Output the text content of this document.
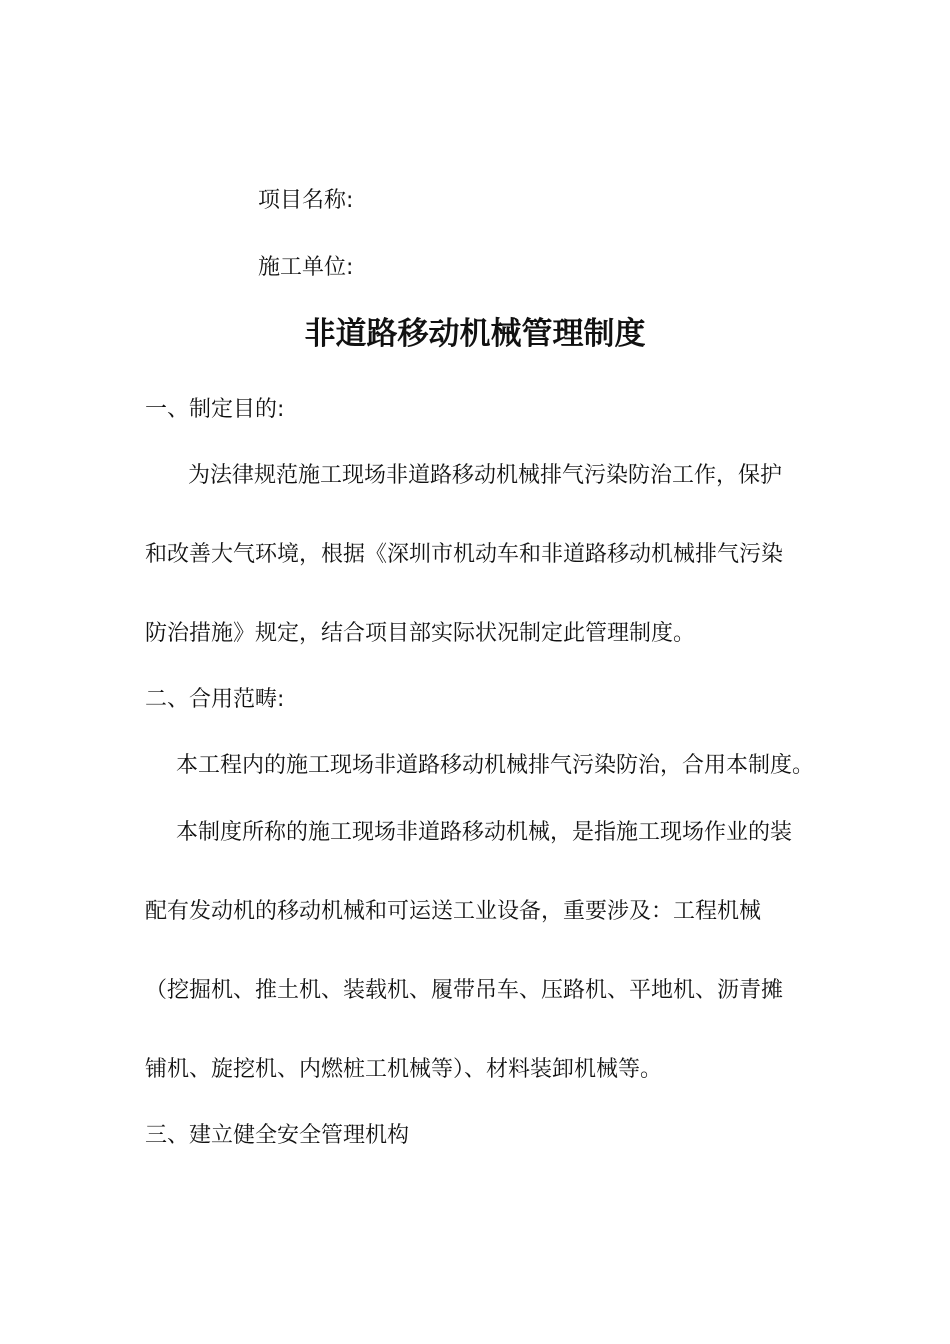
项目名称:
施工单位:
非道路移动机械管理制度
一、制定目的:
为法律规范施工现场非道路移动机械排气污染防治工作，保护
和改善大气环境，根据《深圳市机动车和非道路移动机械排气污染
防治措施》规定，结合项目部实际状况制定此管理制度。
二、合用范畴:
本工程内的施工现场非道路移动机械排气污染防治，合用本制度。
本制度所称的施工现场非道路移动机械，是指施工现场作业的装
配有发动机的移动机械和可运送工业设备，重要涉及：工程机械
（挖掘机、推土机、装载机、履带吊车、压路机、平地机、沥青摊
铺机、旋挖机、内燃桩工机械等）、材料装卸机械等。
三、建立健全安全管理机构
